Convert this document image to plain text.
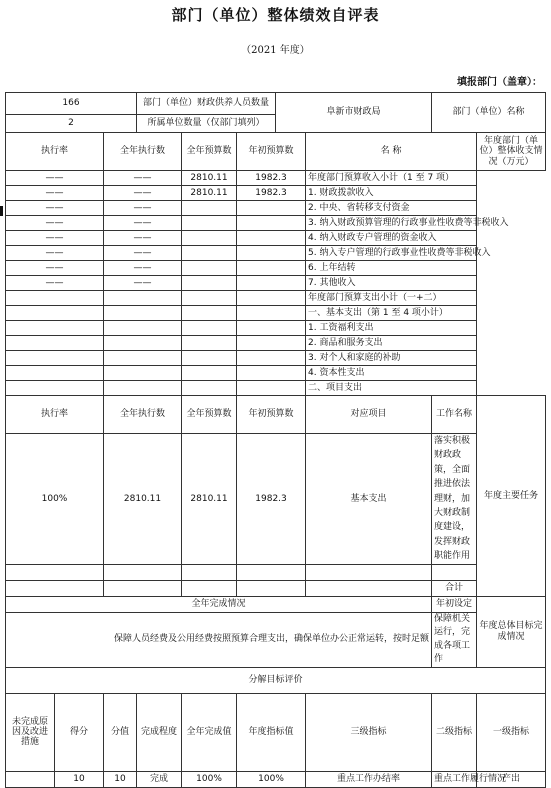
部门（单位）整体绩效自评表
（2021 年度）
填报部门（盖章）：
166			部门（单位）财政供养人员数量			阜新市财政局		部门（单位）名称	
2			所属单位数量（仅部门填列）						
执行率		全年执行数		全年预算数	年初预算数		名 称		年度部门（单位）整体收支情况（万元）
——		——		2810.11	1982.3		年度部门预算收入小计（1 至 7 项）		
——		——		2810.11	1982.3		1. 财政拨款收入		
——		——					2. 中央、省转移支付资金		
——		——					3. 纳入财政预算管理的行政事业性收费等非税收入		
——		——					4. 纳入财政专户管理的资金收入		
——		——					5. 纳入专户管理的行政事业性收费等非税收入		
——		——					6. 上年结转		
——		——					7. 其他收入		
							年度部门预算支出小计（一+二）		
							一、基本支出（第 1 至 4 项小计）		
							1. 工资福利支出		
							2. 商品和服务支出		
							3. 对个人和家庭的补助		
							4. 资本性支出		
							二、项目支出		
执行率		全年执行数		全年预算数	年初预算数		对应项目	工作名称	年度主要任务
100%		2810.11		2810.11	1982.3		基本支出	落实积极财政政策，全面推进依法理财，加大财政制度建设，发挥财政职能作用	

								合计	
全年完成情况								年初设定	年度总体目标完成情况
保障人员经费及公用经费按照预算合理支出，确保单位办公正常运转，按时足额								保障机关运行，完成各项工作	
分解目标评价									
未完成原因及改进措施	得分	分值	完成程度	全年完成值	年度指标值		三级指标	二级指标	一级指标
	10	10	完成	100%	100%		重点工作办结率	重点工作履行情况	产出
